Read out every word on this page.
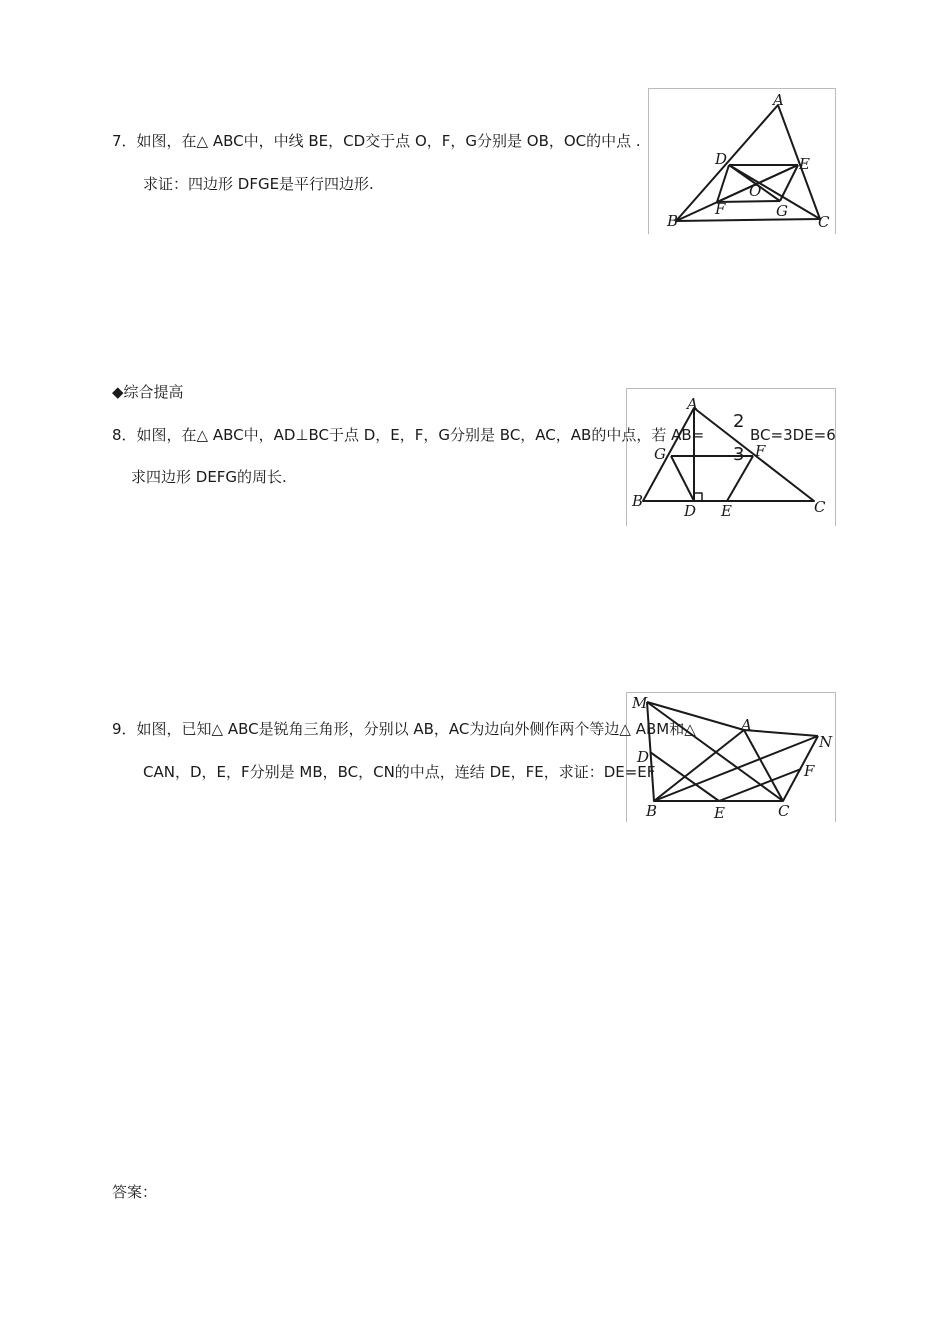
7．如图，在△ ABC中，中线 BE，CD交于点 O，F，G分别是 OB，OC的中点 .
求证：四边形 DFGE是平行四边形.
A
D	E
O
F	G
B	C
◆综合提高
8．如图，在△ ABC中，AD⊥BC于点 D，E，F，G分别是 BC，AC，AB的中点，若 AB=
2
3
BC=3DE=6
求四边形 DEFG的周长.
A
G	F
B
D E	C
9．如图，已知△ ABC是锐角三角形，分别以 AB，AC为边向外侧作两个等边△ ABM和△
CAN，D，E，F分别是 MB，BC，CN的中点，连结 DE，FE，求证：DE=EF
M
A
N
D
F
B	E	C
答案：
